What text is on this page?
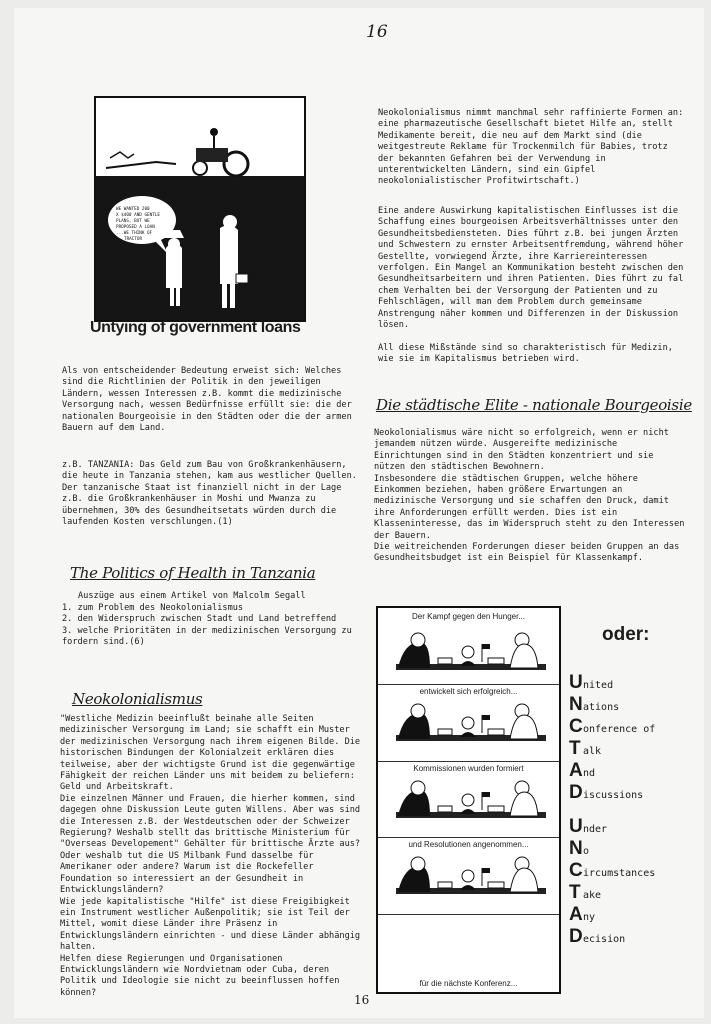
16
WE WANTED 200
X $400 AND GENTLE
PLANS, BUT WE
PROPOSED A LOAN
...WE THINK OF
TRACTOR
Untying of government loans
Als von entscheidender Bedeutung erweist sich: Welches sind die Richtlinien der Politik in den jeweiligen Ländern, wessen Interessen z.B. kommt die medizinische Versorgung nach, wessen Bedürfnisse erfüllt sie: die der nationalen Bourgeoisie in den Städten oder die der armen Bauern auf dem Land.
z.B. TANZANIA: Das Geld zum Bau von Großkrankenhäusern, die heute in Tanzania stehen, kam aus westlicher Quellen. Der tanzanische Staat ist finanziell nicht in der Lage z.B. die Großkrankenhäuser in Moshi und Mwanza zu übernehmen, 30% des Gesundheitsetats würden durch die laufenden Kosten verschlungen.(1)
The Politics of Health in Tanzania
Auszüge aus einem Artikel von Malcolm Segall
1. zum Problem des Neokolonialismus
2. den Widerspruch zwischen Stadt und Land betreffend
3. welche Prioritäten in der medizinischen Versorgung zu fordern sind.(6)
Neokolonialismus
"Westliche Medizin beeinflußt beinahe alle Seiten medizinischer Versorgung im Land; sie schafft ein Muster der medizinischen Versorgung nach ihrem eigenen Bilde. Die historischen Bindungen der Kolonialzeit erklären dies teilweise, aber der wichtigste Grund ist die gegenwärtige Fähigkeit der reichen Länder uns mit beidem zu beliefern: Geld und Arbeitskraft.
Die einzelnen Männer und Frauen, die hierher kommen, sind dagegen ohne Diskussion Leute guten Willens. Aber was sind die Interessen z.B. der Westdeutschen oder der Schweizer Regierung? Weshalb stellt das brittische Ministerium für "Overseas Developement" Gehälter für brittische Ärzte aus? Oder weshalb tut die US Milbank Fund dasselbe für Amerikaner oder andere? Warum ist die Rockefeller Foundation so interessiert an der Gesundheit in Entwicklungsländern?
Wie jede kapitalistische "Hilfe" ist diese Freigibigkeit ein Instrument westlicher Außenpolitik; sie ist Teil der Mittel, womit diese Länder ihre Präsenz in Entwicklungsländern einrichten - und diese Länder abhängig halten.
Helfen diese Regierungen und Organisationen Entwicklungsländern wie Nordvietnam oder Cuba, deren Politik und Ideologie sie nicht zu beeinflussen hoffen können?
Neokolonialismus nimmt manchmal sehr raffinierte Formen an: eine pharmazeutische Gesellschaft bietet Hilfe an, stellt Medikamente bereit, die neu auf dem Markt sind (die weitgestreute Reklame für Trockenmilch für Babies, trotz der bekannten Gefahren bei der Verwendung in unterentwickelten Ländern, sind ein Gipfel neokolonialistischer Profitwirtschaft.)
Eine andere Auswirkung kapitalistischen Einflusses ist die Schaffung eines bourgeoisen Arbeitsverhältnisses unter den Gesundheitsbediensteten. Dies führt z.B. bei jungen Ärzten und Schwestern zu ernster Arbeitsentfremdung, während höher Gestellte, vorwiegend Ärzte, ihre Karriereinteressen verfolgen. Ein Mangel an Kommunikation besteht zwischen den Gesundheitsarbeitern und ihren Patienten. Dies führt zu fal chem Verhalten bei der Versorgung der Patienten und zu Fehlschlägen, will man dem Problem durch gemeinsame Anstrengung näher kommen und Differenzen in der Diskussion lösen.
All diese Mißstände sind so charakteristisch für Medizin, wie sie im Kapitalismus betrieben wird.
Die städtische Elite - nationale Bourgeoisie
Neokolonialismus wäre nicht so erfolgreich, wenn er nicht jemandem nützen würde. Ausgereifte medizinische Einrichtungen sind in den Städten konzentriert und sie nützen den städtischen Bewohnern.
Insbesondere die städtischen Gruppen, welche höhere Einkommen beziehen, haben größere Erwartungen an medizinische Versorgung und sie schaffen den Druck, damit ihre Anforderungen erfüllt werden. Dies ist ein Klasseninteresse, das im Widerspruch steht zu den Interessen der Bauern.
Die weitreichenden Forderungen dieser beiden Gruppen an das Gesundheitsbudget ist ein Beispiel für Klassenkampf.
Der Kampf gegen den Hunger...
entwickelt sich erfolgreich...
Kommissionen wurden formiert
und Resolutionen angenommen...
für die nächste Konferenz...
oder:
U nited
N ations
C onference of
T alk
A nd
D iscussions
U nder
N o
C ircumstances
T ake
A ny
D ecision
16
